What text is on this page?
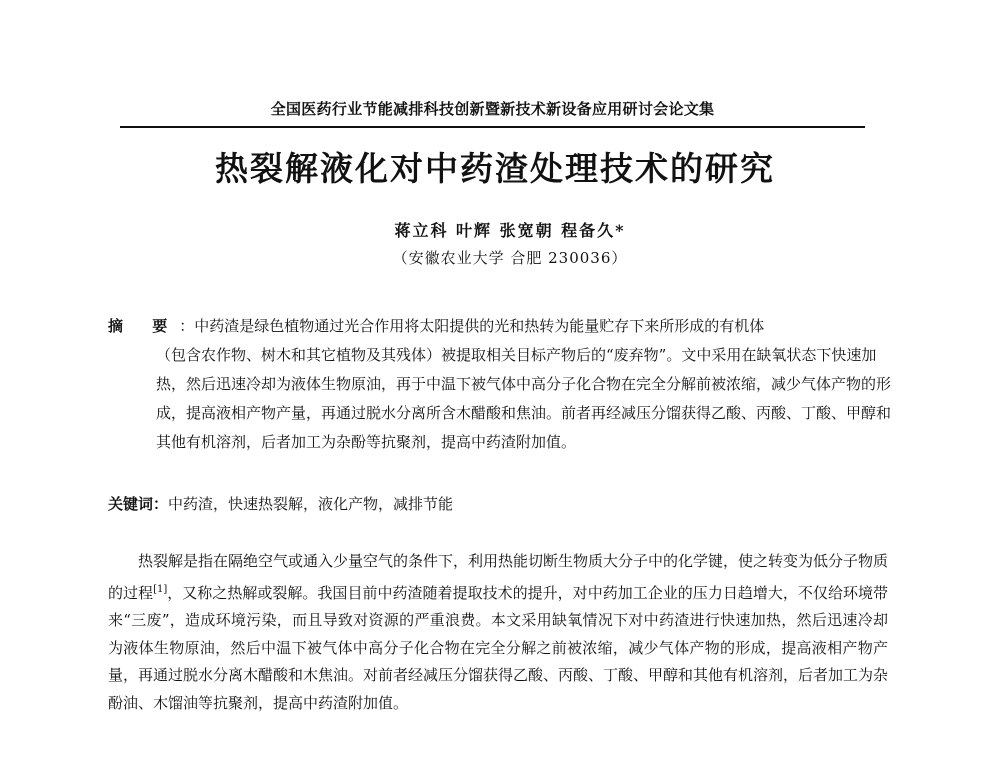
全国医药行业节能减排科技创新暨新技术新设备应用研讨会论文集
热裂解液化对中药渣处理技术的研究
蒋立科 叶辉 张宽朝 程备久*
（安徽农业大学 合肥 230036）
摘 要：中药渣是绿色植物通过光合作用将太阳提供的光和热转为能量贮存下来所形成的有机体
（包含农作物、树木和其它植物及其残体）被提取相关目标产物后的“废弃物”。文中采用在缺氧状态下快速加热，然后迅速冷却为液体生物原油，再于中温下被气体中高分子化合物在完全分解前被浓缩，减少气体产物的形成，提高液相产物产量，再通过脱水分离所含木醋酸和焦油。前者再经减压分馏获得乙酸、丙酸、丁酸、甲醇和其他有机溶剂，后者加工为杂酚等抗聚剂，提高中药渣附加值。
关键词：中药渣，快速热裂解，液化产物，减排节能
热裂解是指在隔绝空气或通入少量空气的条件下，利用热能切断生物质大分子中的化学键，使之转变为低分子物质的过程[1]，又称之热解或裂解。我国目前中药渣随着提取技术的提升，对中药加工企业的压力日趋增大，不仅给环境带来“三废”，造成环境污染，而且导致对资源的严重浪费。本文采用缺氧情况下对中药渣进行快速加热，然后迅速冷却为液体生物原油，然后中温下被气体中高分子化合物在完全分解之前被浓缩，减少气体产物的形成，提高液相产物产量，再通过脱水分离木醋酸和木焦油。对前者经减压分馏获得乙酸、丙酸、丁酸、甲醇和其他有机溶剂，后者加工为杂酚油、木馏油等抗聚剂，提高中药渣附加值。
